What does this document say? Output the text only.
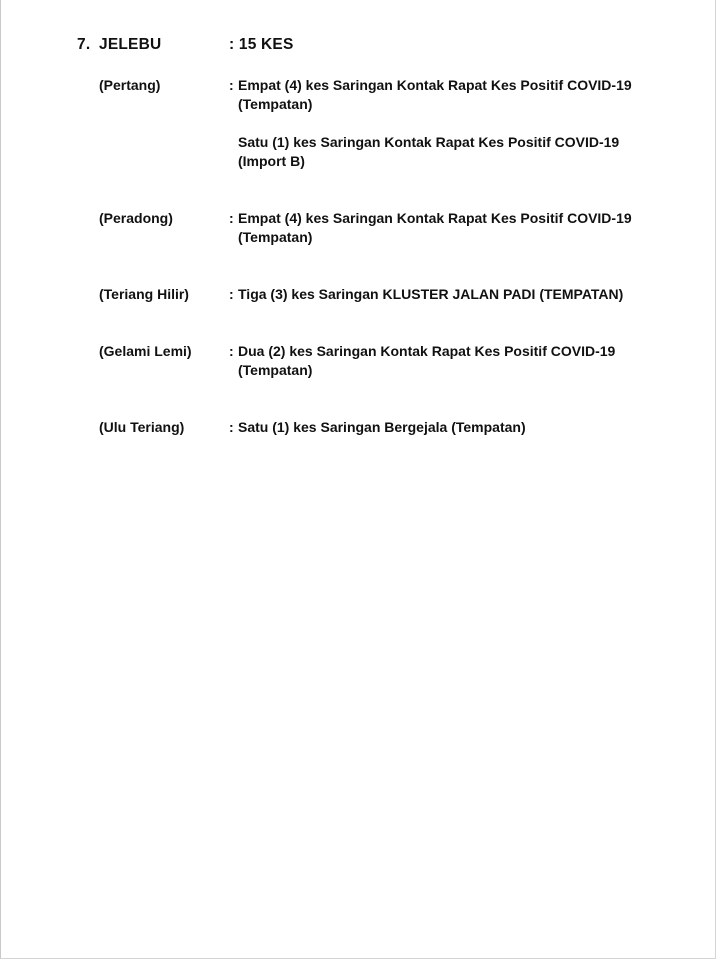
7. JELEBU	: 15 KES
(Pertang)	: Empat (4) kes Saringan Kontak Rapat Kes Positif COVID-19
(Tempatan)
Satu (1) kes Saringan Kontak Rapat Kes Positif COVID-19
(Import B)
(Peradong)	: Empat (4) kes Saringan Kontak Rapat Kes Positif COVID-19
(Tempatan)
(Teriang Hilir)	: Tiga (3) kes Saringan KLUSTER JALAN PADI (TEMPATAN)
(Gelami Lemi)	: Dua (2) kes Saringan Kontak Rapat Kes Positif COVID-19
(Tempatan)
(Ulu Teriang)	: Satu (1) kes Saringan Bergejala (Tempatan)
